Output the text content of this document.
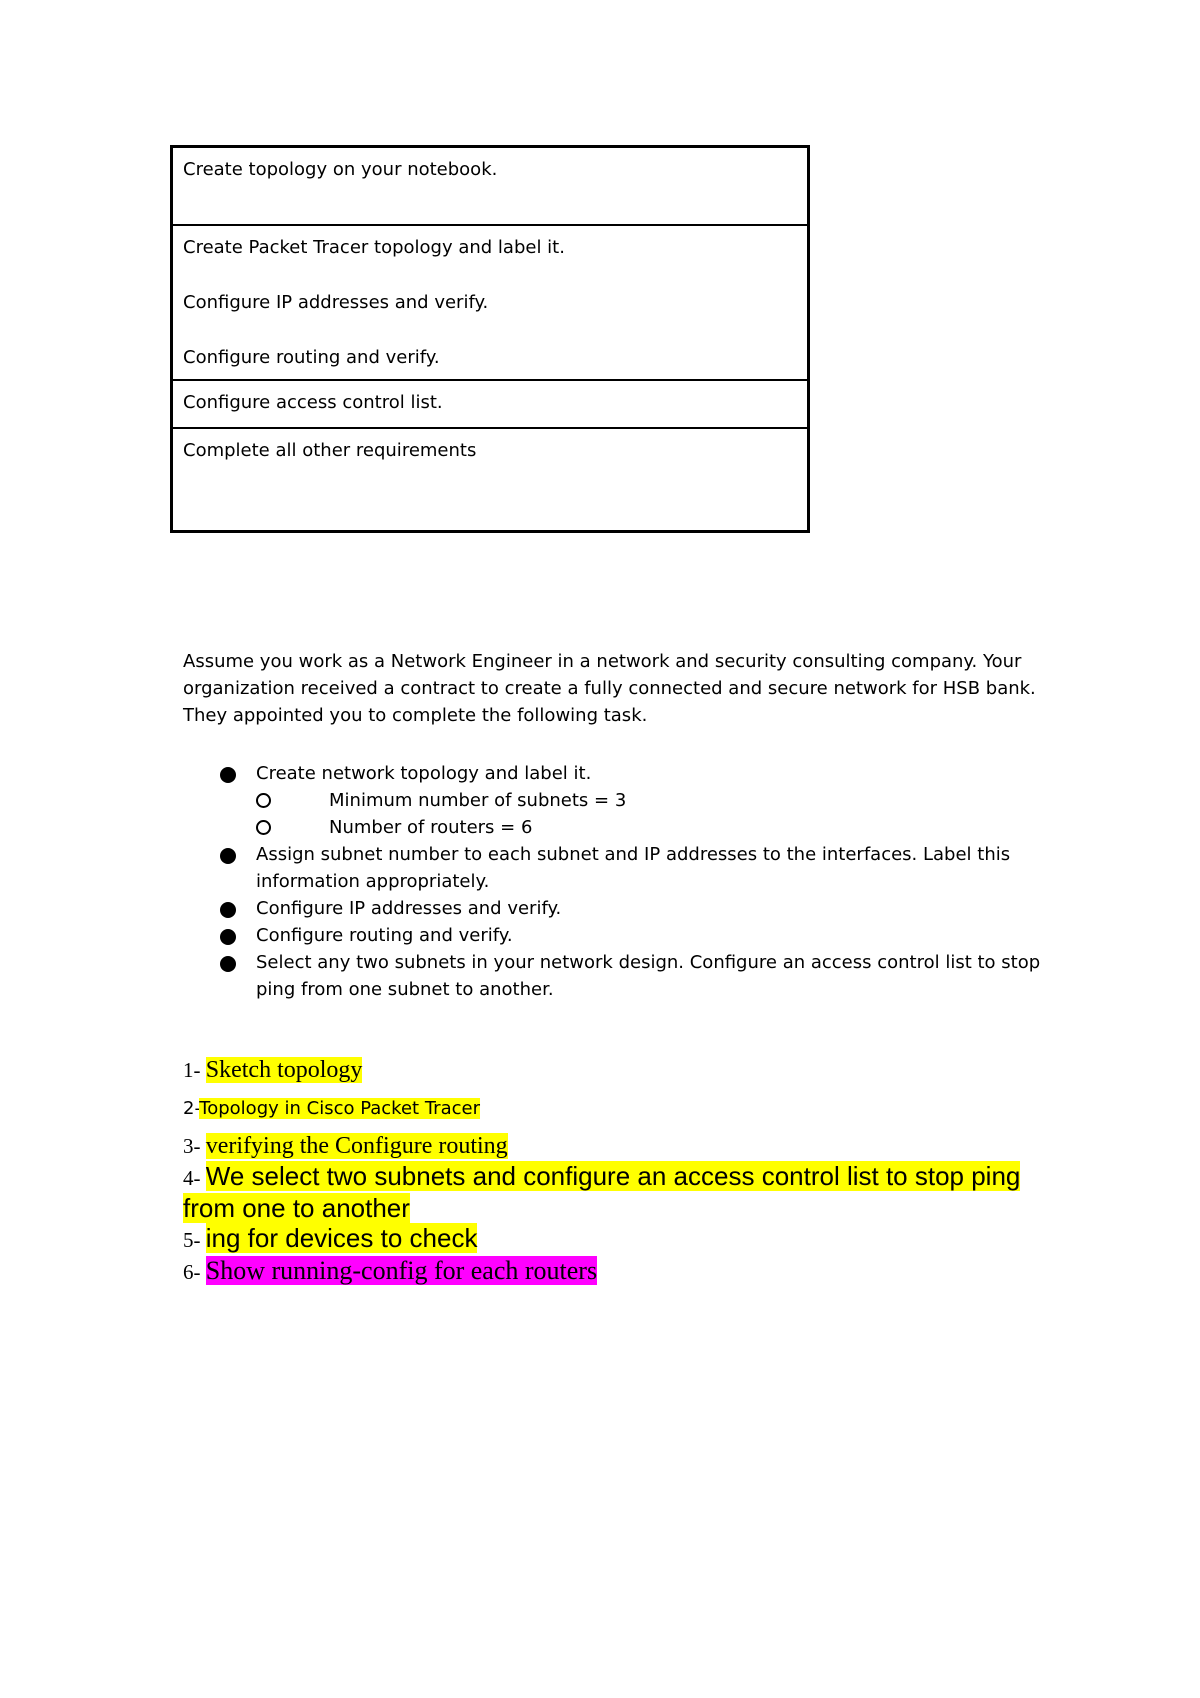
Create topology on your notebook.

Create Packet Tracer topology and label it.

Configure IP addresses and verify.

Configure routing and verify.

Configure access control list.

Complete all other requirements

Assume you work as a Network Engineer in a network and security consulting company. Your organization received a contract to create a fully connected and secure network for HSB bank. They appointed you to complete the following task.

Create network topology and label it.
Minimum number of subnets = 3
Number of routers = 6
Assign subnet number to each subnet and IP addresses to the interfaces. Label this information appropriately.
Configure IP addresses and verify.
Configure routing and verify.
Select any two subnets in your network design. Configure an access control list to stop ping from one subnet to another.

1- Sketch topology

2-Topology in Cisco Packet Tracer

3- verifying the Configure routing

4- We select two subnets and configure an access control list to stop ping from one to another

5- ing for devices to check

6- Show running-config for each routers
